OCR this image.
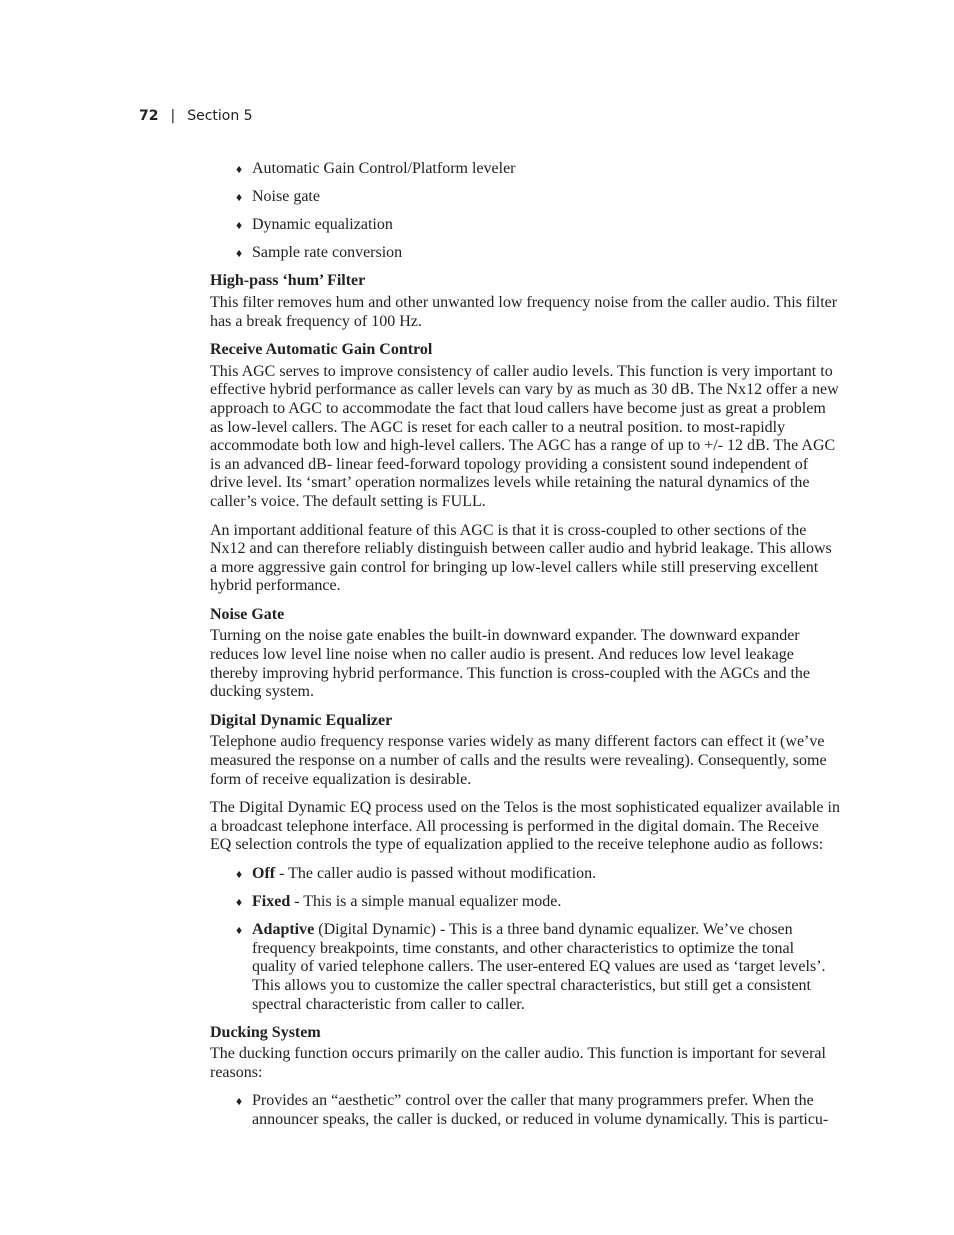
72 | Section 5
♦ Automatic Gain Control/Platform leveler
♦ Noise gate
♦ Dynamic equalization
♦ Sample rate conversion
High-pass ‘hum’ Filter

This filter removes hum and other unwanted low frequency noise from the caller audio. This filter has a break frequency of 100 Hz.

Receive Automatic Gain Control

This AGC serves to improve consistency of caller audio levels. This function is very important to effective hybrid performance as caller levels can vary by as much as 30 dB. The Nx12 offer a new approach to AGC to accommodate the fact that loud callers have become just as great a problem as low-level callers. The AGC is reset for each caller to a neutral position. to most-rapidly accommodate both low and high-level callers. The AGC has a range of up to +/- 12 dB. The AGC is an advanced dB- linear feed-forward topology providing a consistent sound independent of drive level. Its ‘smart’ operation normalizes levels while retaining the natural dynamics of the caller’s voice. The default setting is FULL.

An important additional feature of this AGC is that it is cross-coupled to other sections of the Nx12 and can therefore reliably distinguish between caller audio and hybrid leakage. This allows a more aggressive gain control for bringing up low-level callers while still preserving excellent hybrid performance.

Noise Gate

Turning on the noise gate enables the built-in downward expander. The downward expander reduces low level line noise when no caller audio is present. And reduces low level leakage thereby improving hybrid performance. This function is cross-coupled with the AGCs and the ducking system.

Digital Dynamic Equalizer

Telephone audio frequency response varies widely as many different factors can effect it (we’ve measured the response on a number of calls and the results were revealing). Consequently, some form of receive equalization is desirable.

The Digital Dynamic EQ process used on the Telos is the most sophisticated equalizer available in a broadcast telephone interface. All processing is performed in the digital domain. The Receive EQ selection controls the type of equalization applied to the receive telephone audio as follows:

♦ Off - The caller audio is passed without modification.
♦ Fixed - This is a simple manual equalizer mode.
♦ Adaptive (Digital Dynamic) - This is a three band dynamic equalizer. We’ve chosen frequency breakpoints, time constants, and other characteristics to optimize the tonal quality of varied telephone callers. The user-entered EQ values are used as ‘target levels’. This allows you to customize the caller spectral characteristics, but still get a consistent spectral characteristic from caller to caller.
Ducking System

The ducking function occurs primarily on the caller audio. This function is important for several reasons:

♦ Provides an “aesthetic” control over the caller that many programmers prefer. When the announcer speaks, the caller is ducked, or reduced in volume dynamically. This is particu-
